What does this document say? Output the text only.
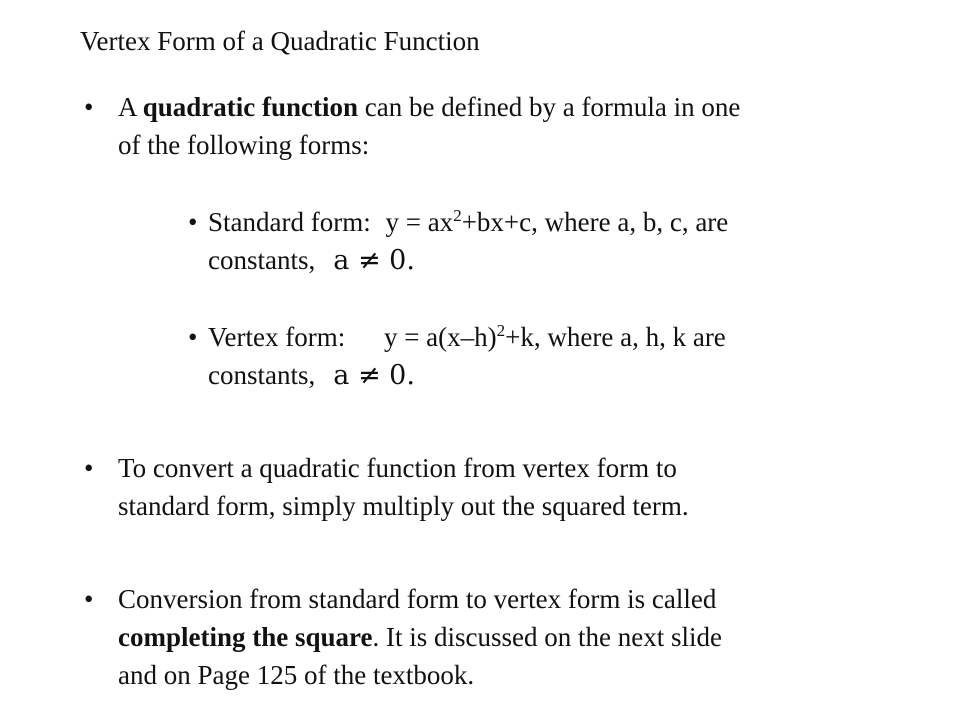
Vertex Form of a Quadratic Function
• A quadratic function can be defined by a formula in one
of the following forms:
• Standard form: $y = ax^2+bx+c$, where a, b, c, are
constants, a ≠ 0.
• Vertex form: $y = a(x-h)^2+k$, where a, h, k are
constants, a ≠ 0.
• To convert a quadratic function from vertex form to
standard form, simply multiply out the squared term.
• Conversion from standard form to vertex form is called
completing the square. It is discussed on the next slide
and on Page 125 of the textbook.
